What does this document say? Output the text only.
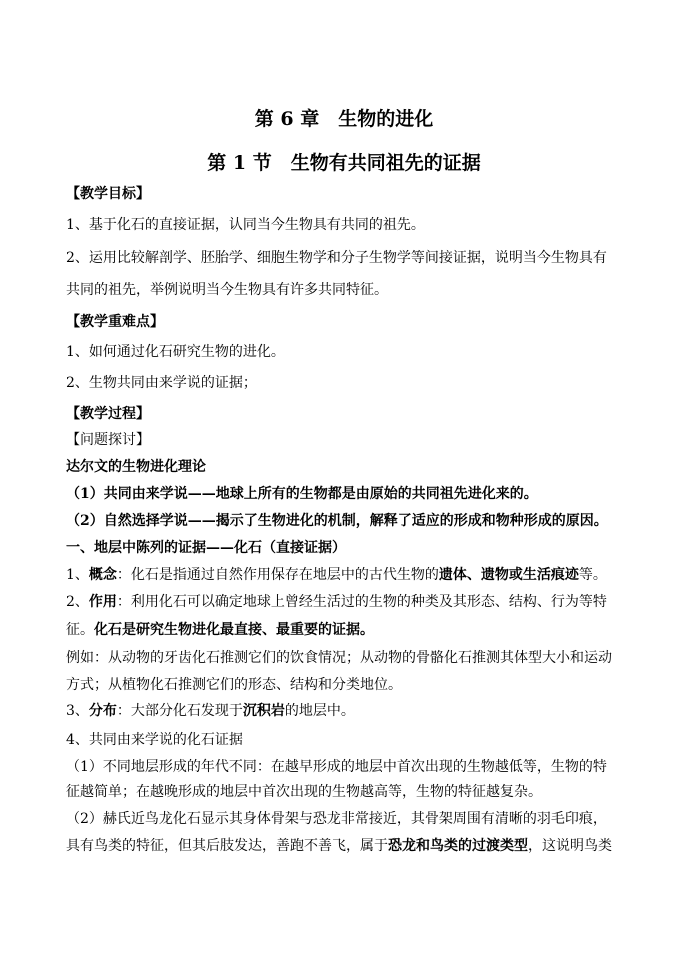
第 6 章　生物的进化
第 1 节　生物有共同祖先的证据
【教学目标】
1、基于化石的直接证据，认同当今生物具有共同的祖先。
2、运用比较解剖学、胚胎学、细胞生物学和分子生物学等间接证据，说明当今生物具有
共同的祖先，举例说明当今生物具有许多共同特征。
【教学重难点】
1、如何通过化石研究生物的进化。
2、生物共同由来学说的证据；
【教学过程】
【问题探讨】
达尔文的生物进化理论
（1）共同由来学说——地球上所有的生物都是由原始的共同祖先进化来的。
（2）自然选择学说——揭示了生物进化的机制，解释了适应的形成和物种形成的原因。
一、地层中陈列的证据——化石（直接证据）
1、概念：化石是指通过自然作用保存在地层中的古代生物的遗体、遗物或生活痕迹等。
2、作用：利用化石可以确定地球上曾经生活过的生物的种类及其形态、结构、行为等特
征。化石是研究生物进化最直接、最重要的证据。
例如：从动物的牙齿化石推测它们的饮食情况；从动物的骨骼化石推测其体型大小和运动
方式；从植物化石推测它们的形态、结构和分类地位。
3、分布：大部分化石发现于沉积岩的地层中。
4、共同由来学说的化石证据
（1）不同地层形成的年代不同：在越早形成的地层中首次出现的生物越低等，生物的特
征越简单；在越晚形成的地层中首次出现的生物越高等，生物的特征越复杂。
（2）赫氏近鸟龙化石显示其身体骨架与恐龙非常接近，其骨架周围有清晰的羽毛印痕，
具有鸟类的特征，但其后肢发达，善跑不善飞，属于恐龙和鸟类的过渡类型，这说明鸟类
